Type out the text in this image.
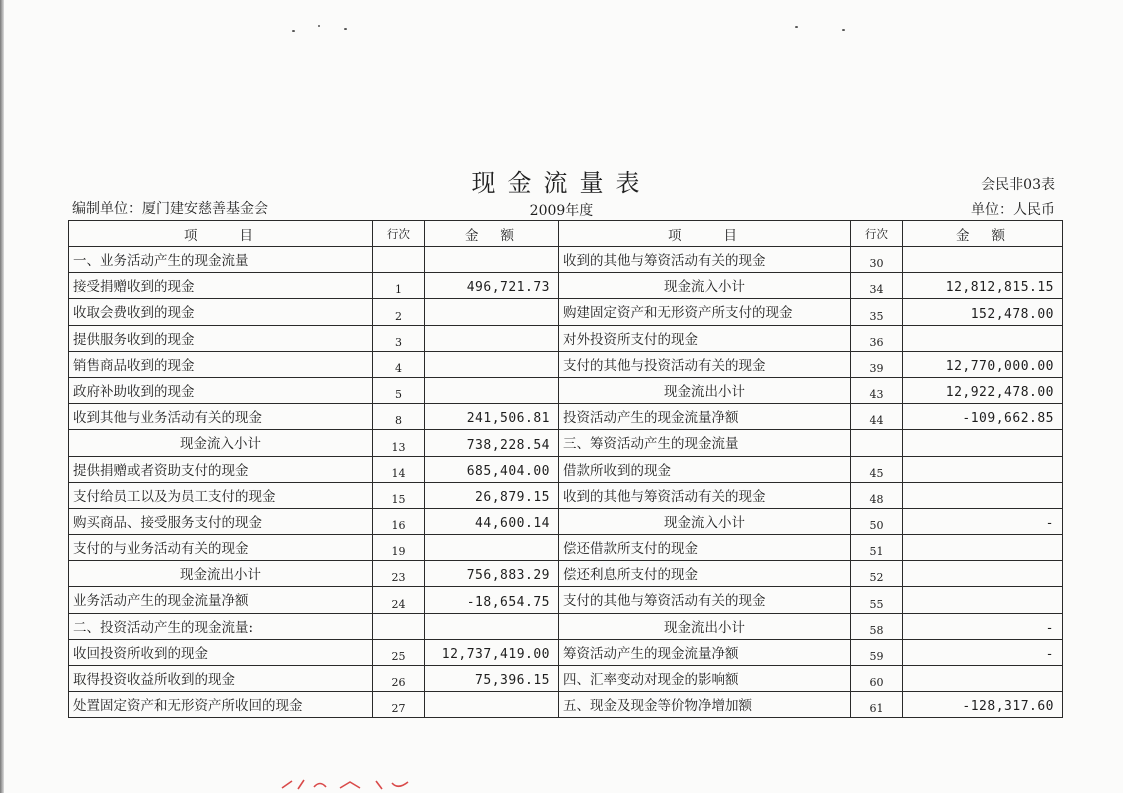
现金流量表	会民非03表
编制单位：厦门建安慈善基金会	2009年度	单位：人民币
项目	行次	金额	项目	行次	金额
一、业务活动产生的现金流量			收到的其他与筹资活动有关的现金	30	
接受捐赠收到的现金	1	496,721.73	现金流入小计	34	12,812,815.15
收取会费收到的现金	2		购建固定资产和无形资产所支付的现金	35	152,478.00
提供服务收到的现金	3		对外投资所支付的现金	36	
销售商品收到的现金	4		支付的其他与投资活动有关的现金	39	12,770,000.00
政府补助收到的现金	5		现金流出小计	43	12,922,478.00
收到其他与业务活动有关的现金	8	241,506.81	投资活动产生的现金流量净额	44	-109,662.85
现金流入小计	13	738,228.54	三、筹资活动产生的现金流量		
提供捐赠或者资助支付的现金	14	685,404.00	借款所收到的现金	45	
支付给员工以及为员工支付的现金	15	26,879.15	收到的其他与筹资活动有关的现金	48	
购买商品、接受服务支付的现金	16	44,600.14	现金流入小计	50	-
支付的与业务活动有关的现金	19		偿还借款所支付的现金	51	
现金流出小计	23	756,883.29	偿还利息所支付的现金	52	
业务活动产生的现金流量净额	24	-18,654.75	支付的其他与筹资活动有关的现金	55	
二、投资活动产生的现金流量:			现金流出小计	58	-
收回投资所收到的现金	25	12,737,419.00	筹资活动产生的现金流量净额	59	-
取得投资收益所收到的现金	26	75,396.15	四、汇率变动对现金的影响额	60	
处置固定资产和无形资产所收回的现金	27		五、现金及现金等价物净增加额	61	-128,317.60
